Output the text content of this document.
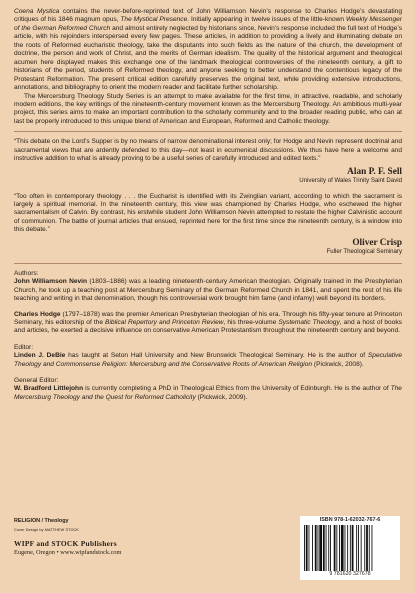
Coena Mystica contains the never-before-reprinted text of John Williamson Nevin’s response to Charles Hodge’s devastating critiques of his 1846 magnum opus, The Mystical Presence. Initially appearing in twelve issues of the little-known Weekly Messenger of the German Reformed Church and almost entirely neglected by historians since, Nevin’s response included the full text of Hodge’s article, with his rejoinders interspersed every few pages. These articles, in addition to providing a lively and illuminating debate on the roots of Reformed eucharistic theology, take the disputants into such fields as the nature of the church, the development of doctrine, the person and work of Christ, and the merits of German idealism. The quality of the historical argument and theological acumen here displayed makes this exchange one of the landmark theological controversies of the nineteenth century, a gift to historians of the period, students of Reformed theology, and anyone seeking to better understand the contentious legacy of the Protestant Reformation. The present critical edition carefully preserves the original text, while providing extensive introductions, annotations, and bibliography to orient the modern reader and facilitate further scholarship.

The Mercersburg Theology Study Series is an attempt to make available for the first time, in attractive, readable, and scholarly modern editions, the key writings of the nineteenth-century movement known as the Mercersburg Theology. An ambitious multi-year project, this series aims to make an important contribution to the scholarly community and to the broader reading public, who can at last be properly introduced to this unique blend of American and European, Reformed and Catholic theology.

“This debate on the Lord’s Supper is by no means of narrow denominational interest only; for Hodge and Nevin represent doctrinal and sacramental views that are ardently defended to this day—not least in ecumenical discussions. We thus have here a welcome and instructive addition to what is already proving to be a useful series of carefully introduced and edited texts.”

Alan P. F. Sell
University of Wales Trinity Saint David

“Too often in contemporary theology . . . the Eucharist is identified with its Zwinglian variant, according to which the sacrament is largely a spiritual memorial. In the nineteenth century, this view was championed by Charles Hodge, who eschewed the higher sacramentalism of Calvin. By contrast, his erstwhile student John Williamson Nevin attempted to restate the higher Calvinistic account of communion. The battle of journal articles that ensued, reprinted here for the first time since the nineteenth century, is a window into this debate.”

Oliver Crisp
Fuller Theological Seminary
Authors:

John Williamson Nevin (1803–1886) was a leading nineteenth-century American theologian. Originally trained in the Presbyterian Church, he took up a teaching post at Mercersburg Seminary of the German Reformed Church in 1841, and spent the rest of his life teaching and writing in that denomination, though his controversial work brought him fame (and infamy) well beyond its borders.

Charles Hodge (1797–1878) was the premier American Presbyterian theologian of his era. Through his fifty-year tenure at Princeton Seminary, his editorship of the Biblical Repertory and Princeton Review, his three-volume Systematic Theology, and a host of books and articles, he exerted a decisive influence on conservative American Protestantism throughout the nineteenth century and beyond.

Editor:

Linden J. DeBie has taught at Seton Hall University and New Brunswick Theological Seminary. He is the author of Speculative Theology and Commonsense Religion: Mercersburg and the Conservative Roots of American Religion (Pickwick, 2008).

General Editor:

W. Bradford Littlejohn is currently completing a PhD in Theological Ethics from the University of Edinburgh. He is the author of The Mercersburg Theology and the Quest for Reformed Catholicity (Pickwick, 2009).

RELIGION / Theology
Cover Design by MATTHEW STOCK
WIPF and STOCK Publishers
Eugene, Oregon • www.wipfandstock.com
ISBN 978-1-62032-767-6
9 781620 327678
